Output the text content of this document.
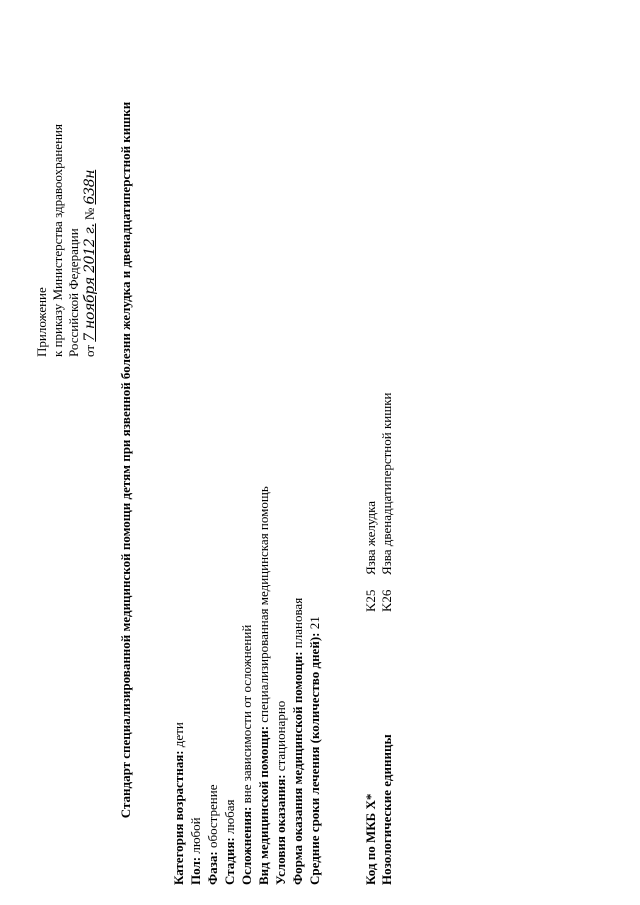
Приложение к приказу Министерства здравоохранения Российской Федерации от 7 ноября 2012 г. № 638н Стандарт специализированной медицинской помощи детям при язвенной болезни желудка и двенадцатиперстной кишки	Категория возрастная: дети
Пол: любой
Фаза: обострение
Стадия: любая Осложнения: вне зависимости от осложнений
Вид медицинской помощи: специализированная медицинская помощь
Условия оказания: стационарно Форма оказания медицинской помощи: плановая
Средние сроки лечения (количество дней): 21
Код по МКБ X*
K25
Язва желудка
Нозологические единицы
K26
Язва двенадцатиперстной кишки
